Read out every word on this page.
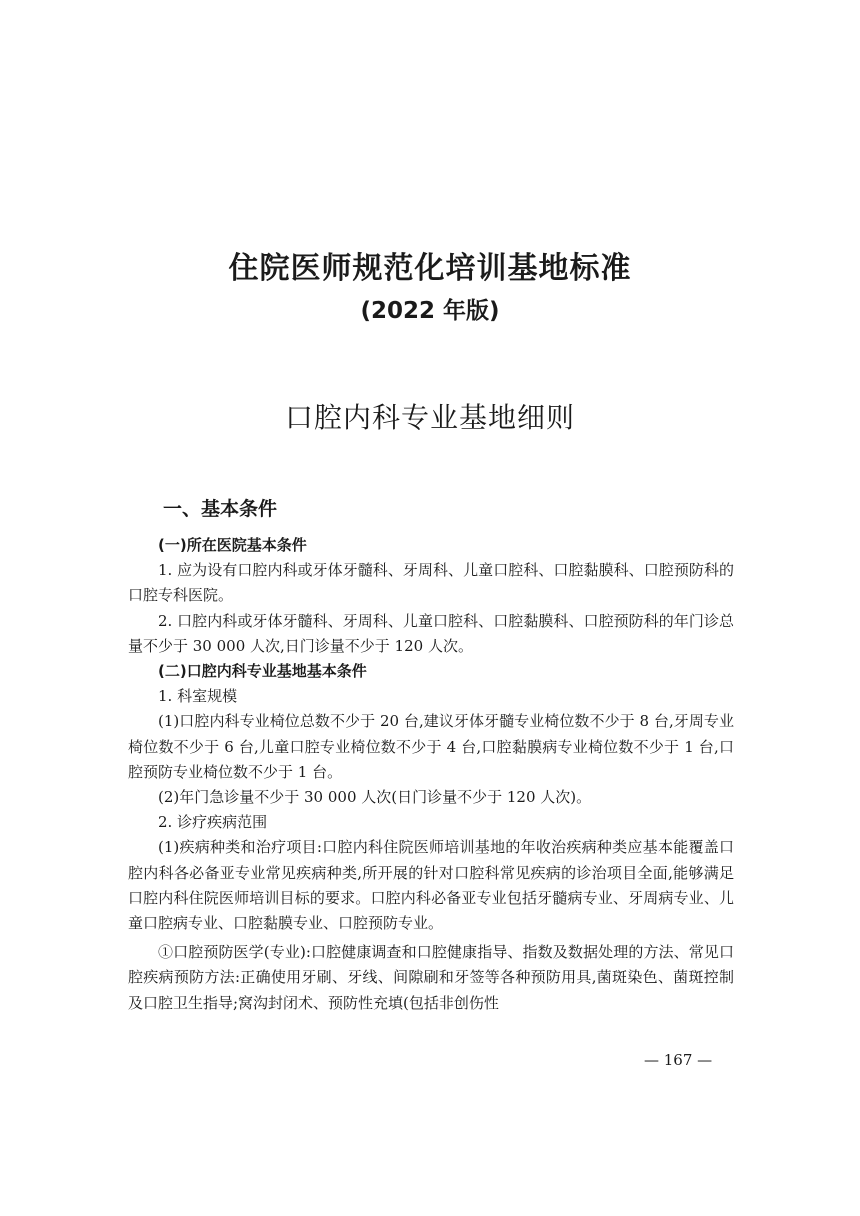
住院医师规范化培训基地标准
(2022 年版)
口腔内科专业基地细则
一、基本条件

(一)所在医院基本条件

1. 应为设有口腔内科或牙体牙髓科、牙周科、儿童口腔科、口腔黏膜科、口腔预防科的口腔专科医院。

2. 口腔内科或牙体牙髓科、牙周科、儿童口腔科、口腔黏膜科、口腔预防科的年门诊总量不少于 30 000 人次,日门诊量不少于 120 人次。

(二)口腔内科专业基地基本条件

1. 科室规模

(1)口腔内科专业椅位总数不少于 20 台,建议牙体牙髓专业椅位数不少于 8 台,牙周专业椅位数不少于 6 台,儿童口腔专业椅位数不少于 4 台,口腔黏膜病专业椅位数不少于 1 台,口腔预防专业椅位数不少于 1 台。

(2)年门急诊量不少于 30 000 人次(日门诊量不少于 120 人次)。

2. 诊疗疾病范围

(1)疾病种类和治疗项目:口腔内科住院医师培训基地的年收治疾病种类应基本能覆盖口腔内科各必备亚专业常见疾病种类,所开展的针对口腔科常见疾病的诊治项目全面,能够满足口腔内科住院医师培训目标的要求。口腔内科必备亚专业包括牙髓病专业、牙周病专业、儿童口腔病专业、口腔黏膜专业、口腔预防专业。

①口腔预防医学(专业):口腔健康调查和口腔健康指导、指数及数据处理的方法、常见口腔疾病预防方法:正确使用牙刷、牙线、间隙刷和牙签等各种预防用具,菌斑染色、菌斑控制及口腔卫生指导;窝沟封闭术、预防性充填(包括非创伤性

— 167 —
